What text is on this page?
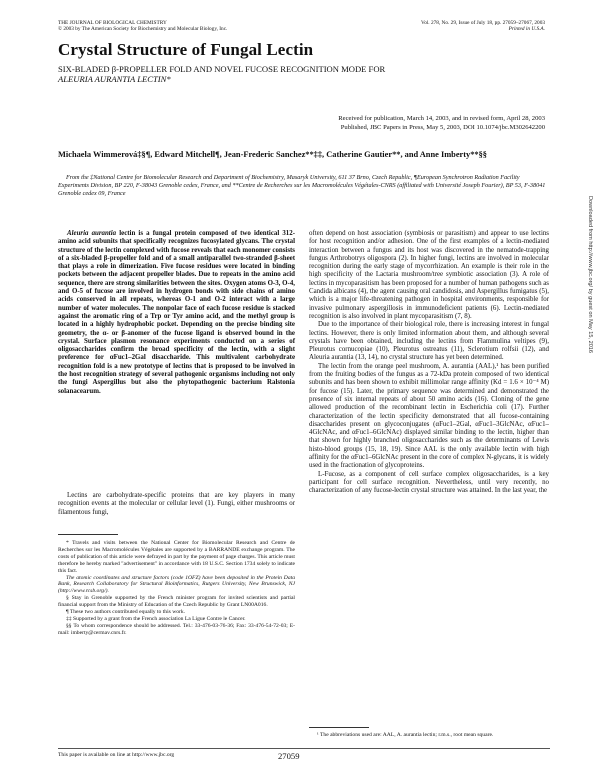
THE JOURNAL OF BIOLOGICAL CHEMISTRY
© 2003 by The American Society for Biochemistry and Molecular Biology, Inc.
Vol. 278, No. 29, Issue of July 18, pp. 27059–27067, 2003
Printed in U.S.A.
Crystal Structure of Fungal Lectin
SIX-BLADED β-PROPELLER FOLD AND NOVEL FUCOSE RECOGNITION MODE FOR
ALEURIA AURANTIA LECTIN*
Received for publication, March 14, 2003, and in revised form, April 28, 2003
Published, JBC Papers in Press, May 5, 2003, DOI 10.1074/jbc.M302642200
Michaela Wimmerová‡§¶, Edward Mitchell¶, Jean-Frederic Sanchez**‡‡, Catherine Gautier**, and Anne Imberty**§§
From the ‡National Centre for Biomolecular Research and Department of Biochemistry, Masaryk University, 611 37 Brno, Czech Republic, ¶European Synchrotron Radiation Facility Experiments Division, BP 220, F-38043 Grenoble cedex, France, and **Centre de Recherches sur les Macromolécules Végétales-CNRS (affiliated with Université Joseph Fourier), BP 53, F-38041 Grenoble cedex 09, France
Aleuria aurantia lectin is a fungal protein composed of two identical 312-amino acid subunits that specifically recognizes fucosylated glycans. The crystal structure of the lectin complexed with fucose reveals that each monomer consists of a six-bladed β-propeller fold and of a small antiparallel two-stranded β-sheet that plays a role in dimerization. Five fucose residues were located in binding pockets between the adjacent propeller blades. Due to repeats in the amino acid sequence, there are strong similarities between the sites. Oxygen atoms O-3, O-4, and O-5 of fucose are involved in hydrogen bonds with side chains of amino acids conserved in all repeats, whereas O-1 and O-2 interact with a large number of water molecules. The nonpolar face of each fucose residue is stacked against the aromatic ring of a Trp or Tyr amino acid, and the methyl group is located in a highly hydrophobic pocket. Depending on the precise binding site geometry, the α- or β-anomer of the fucose ligand is observed bound in the crystal. Surface plasmon resonance experiments conducted on a series of oligosaccharides confirm the broad specificity of the lectin, with a slight preference for αFuc1–2Gal disaccharide. This multivalent carbohydrate recognition fold is a new prototype of lectins that is proposed to be involved in the host recognition strategy of several pathogenic organisms including not only the fungi Aspergillus but also the phytopathogenic bacterium Ralstonia solanacearum.
Lectins are carbohydrate-specific proteins that are key players in many recognition events at the molecular or cellular level (1). Fungi, either mushrooms or filamentous fungi,

* Travels and visits between the National Center for Biomolecular Research and Centre de Recherches sur les Macromolécules Végétales are supported by a BARRANDE exchange program. The costs of publication of this article were defrayed in part by the payment of page charges. This article must therefore be hereby marked "advertisement" in accordance with 18 U.S.C. Section 1734 solely to indicate this fact.

The atomic coordinates and structure factors (code 1OFZ) have been deposited in the Protein Data Bank, Research Collaboratory for Structural Bioinformatics, Rutgers University, New Brunswick, NJ (http://www.rcsb.org/).

§ Stay in Grenoble supported by the French minister program for invited scientists and partial financial support from the Ministry of Education of the Czech Republic by Grant LN00A016.

¶ These two authors contributed equally to this work.

‡‡ Supported by a grant from the French association La Ligue Contre le Cancer.

§§ To whom correspondence should be addressed. Tel.: 33-476-03-76-36; Fax: 33-476-54-72-03; E-mail: imberty@cermav.cnrs.fr.

often depend on host association (symbiosis or parasitism) and appear to use lectins for host recognition and/or adhesion. One of the first examples of a lectin-mediated interaction between a fungus and its host was discovered in the nematode-trapping fungus Arthrobotrys oligospora (2). In higher fungi, lectins are involved in molecular recognition during the early stage of mycorrhization. An example is their role in the high specificity of the Lactaria mushroom/tree symbiotic association (3). A role of lectins in mycoparasitism has been proposed for a number of human pathogens such as Candida albicans (4), the agent causing oral candidosis, and Aspergillus fumigatus (5), which is a major life-threatening pathogen in hospital environments, responsible for invasive pulmonary aspergillosis in immunodeficient patients (6). Lectin-mediated recognition is also involved in plant mycoparasitism (7, 8).

Due to the importance of their biological role, there is increasing interest in fungal lectins. However, there is only limited information about them, and although several crystals have been obtained, including the lectins from Flammulina veltipes (9), Pleurotus cornucopiae (10), Pleurotus ostreatus (11), Sclerotium rolfsii (12), and Aleuria aurantia (13, 14), no crystal structure has yet been determined.

The lectin from the orange peel mushroom, A. aurantia (AAL),¹ has been purified from the fruiting bodies of the fungus as a 72-kDa protein composed of two identical subunits and has been shown to exhibit millimolar range affinity (Kd = 1.6 × 10⁻⁴ M) for fucose (15). Later, the primary sequence was determined and demonstrated the presence of six internal repeats of about 50 amino acids (16). Cloning of the gene allowed production of the recombinant lectin in Escherichia coli (17). Further characterization of the lectin specificity demonstrated that all fucose-containing disaccharides present on glycoconjugates (αFuc1–2Gal, αFuc1–3GlcNAc, αFuc1–4GlcNAc, and αFuc1–6GlcNAc) displayed similar binding to the lectin, higher than that shown for highly branched oligosaccharides such as the determinants of Lewis histo-blood groups (15, 18, 19). Since AAL is the only available lectin with high affinity for the αFuc1–6GlcNAc present in the core of complex N-glycans, it is widely used in the fractionation of glycoproteins.

L-Fucose, as a component of cell surface complex oligosaccharides, is a key participant for cell surface recognition. Nevertheless, until very recently, no characterization of any fucose-lectin crystal structure was attained. In the last year, the

¹ The abbreviations used are: AAL, A. aurantia lectin; r.m.s., root mean square.
This paper is available on line at http://www.jbc.org	27059
Downloaded from http://www.jbc.org/ by guest on May 15, 2016
